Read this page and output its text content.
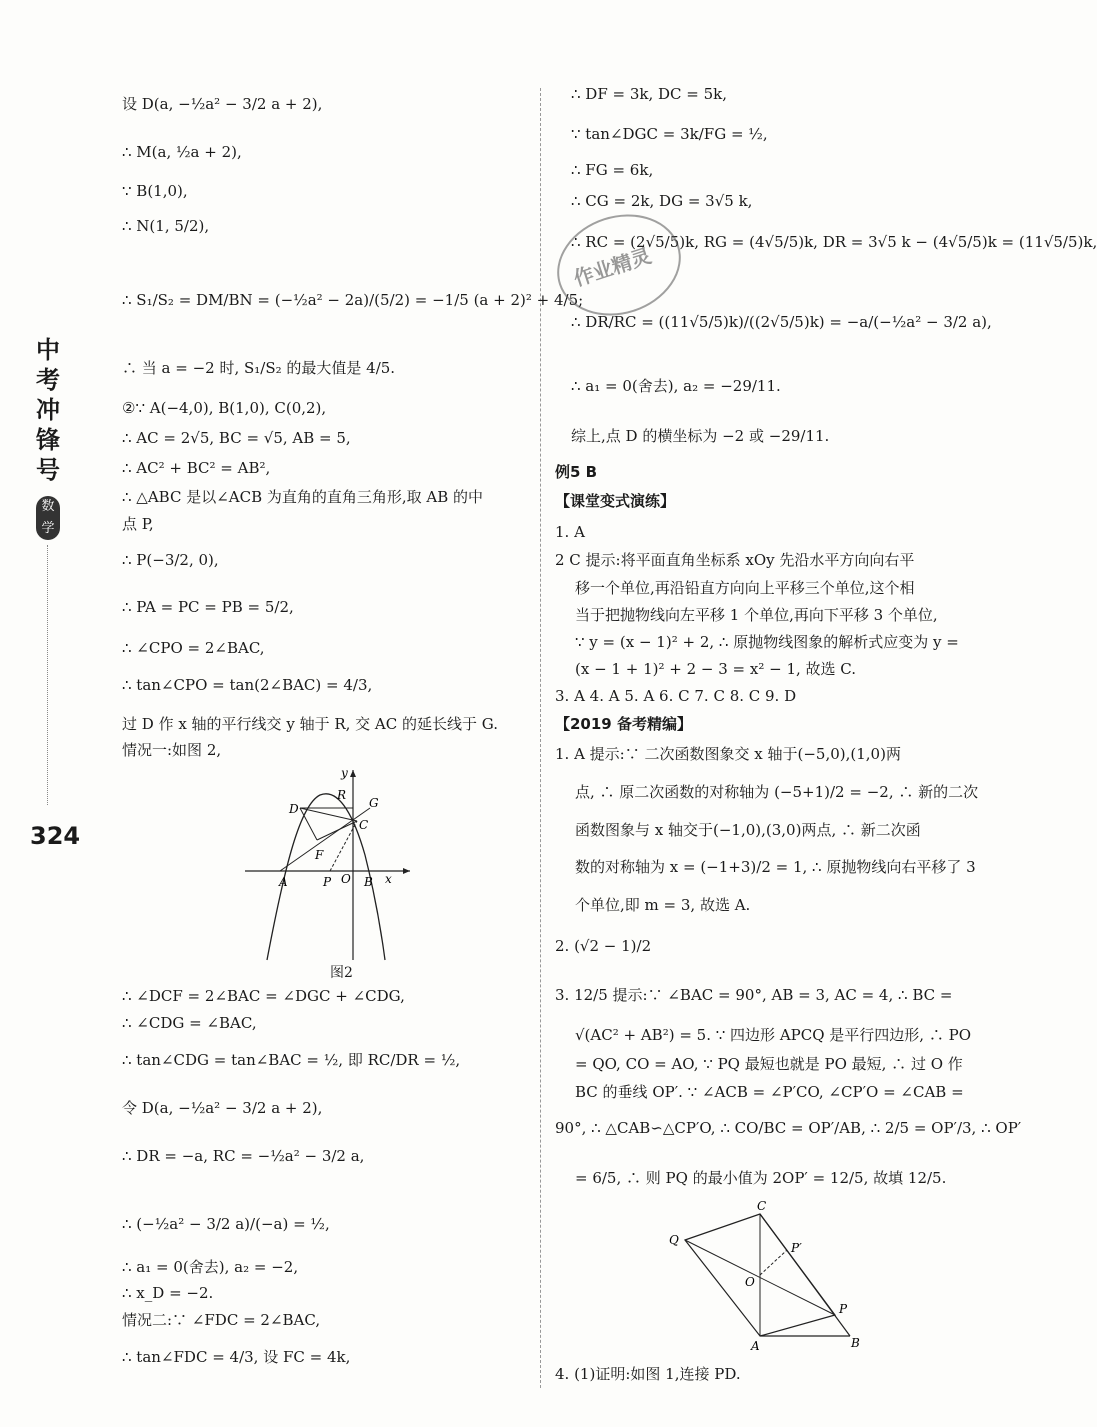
中
考
冲
锋
号
数
学
324
设 D(a, −½a² − 3/2 a + 2),
∴ M(a, ½a + 2),
∵ B(1,0),
∴ N(1, 5/2),
∴ S₁/S₂ = DM/BN = (−½a² − 2a)/(5/2) = −1/5 (a + 2)² + 4/5;
∴ 当 a = −2 时, S₁/S₂ 的最大值是 4/5.
②∵ A(−4,0), B(1,0), C(0,2),
∴ AC = 2√5, BC = √5, AB = 5,
∴ AC² + BC² = AB²,
∴ △ABC 是以∠ACB 为直角的直角三角形,取 AB 的中
点 P,
∴ P(−3/2, 0),
∴ PA = PC = PB = 5/2,
∴ ∠CPO = 2∠BAC,
∴ tan∠CPO = tan(2∠BAC) = 4/3,
过 D 作 x 轴的平行线交 y 轴于 R, 交 AC 的延长线于 G.
情况一:如图 2,
y
R
D	G
C
F
A	P O B x
图2
∴ ∠DCF = 2∠BAC = ∠DGC + ∠CDG,
∴ ∠CDG = ∠BAC,
∴ tan∠CDG = tan∠BAC = ½, 即 RC/DR = ½,
令 D(a, −½a² − 3/2 a + 2),
∴ DR = −a, RC = −½a² − 3/2 a,
∴ (−½a² − 3/2 a)/(−a) = ½,
∴ a₁ = 0(舍去), a₂ = −2,
∴ x_D = −2.
情况二:∵ ∠FDC = 2∠BAC,
∴ tan∠FDC = 4/3, 设 FC = 4k,
∴ DF = 3k, DC = 5k,
∵ tan∠DGC = 3k/FG = ½,
∴ FG = 6k,
∴ CG = 2k, DG = 3√5 k,
∴ RC = (2√5/5)k, RG = (4√5/5)k, DR = 3√5 k − (4√5/5)k = (11√5/5)k,
∴ DR/RC = ((11√5/5)k)/((2√5/5)k) = −a/(−½a² − 3/2 a),
∴ a₁ = 0(舍去), a₂ = −29/11.
综上,点 D 的横坐标为 −2 或 −29/11.
例5 B
【课堂变式演练】
1. A
2 C 提示:将平面直角坐标系 xOy 先沿水平方向向右平
移一个单位,再沿铅直方向向上平移三个单位,这个相
当于把抛物线向左平移 1 个单位,再向下平移 3 个单位,
∵ y = (x − 1)² + 2, ∴ 原抛物线图象的解析式应变为 y =
(x − 1 + 1)² + 2 − 3 = x² − 1, 故选 C.
3. A 4. A 5. A 6. C 7. C 8. C 9. D
【2019 备考精编】
1. A 提示:∵ 二次函数图象交 x 轴于(−5,0),(1,0)两
点, ∴ 原二次函数的对称轴为 (−5+1)/2 = −2, ∴ 新的二次
函数图象与 x 轴交于(−1,0),(3,0)两点, ∴ 新二次函
数的对称轴为 x = (−1+3)/2 = 1, ∴ 原抛物线向右平移了 3
个单位,即 m = 3, 故选 A.
2. (√2 − 1)/2
3. 12/5 提示:∵ ∠BAC = 90°, AB = 3, AC = 4, ∴ BC =
√(AC² + AB²) = 5. ∵ 四边形 APCQ 是平行四边形, ∴ PO
= QO, CO = AO, ∵ PQ 最短也就是 PO 最短, ∴ 过 O 作
BC 的垂线 OP′. ∵ ∠ACB = ∠P′CO, ∠CP′O = ∠CAB =
90°, ∴ △CAB∽△CP′O, ∴ CO/BC = OP′/AB, ∴ 2/5 = OP′/3, ∴ OP′
= 6/5, ∴ 则 PQ 的最小值为 2OP′ = 12/5, 故填 12/5.
C
Q
P′
O
P
A	B
4. (1)证明:如图 1,连接 PD.
作业精灵
